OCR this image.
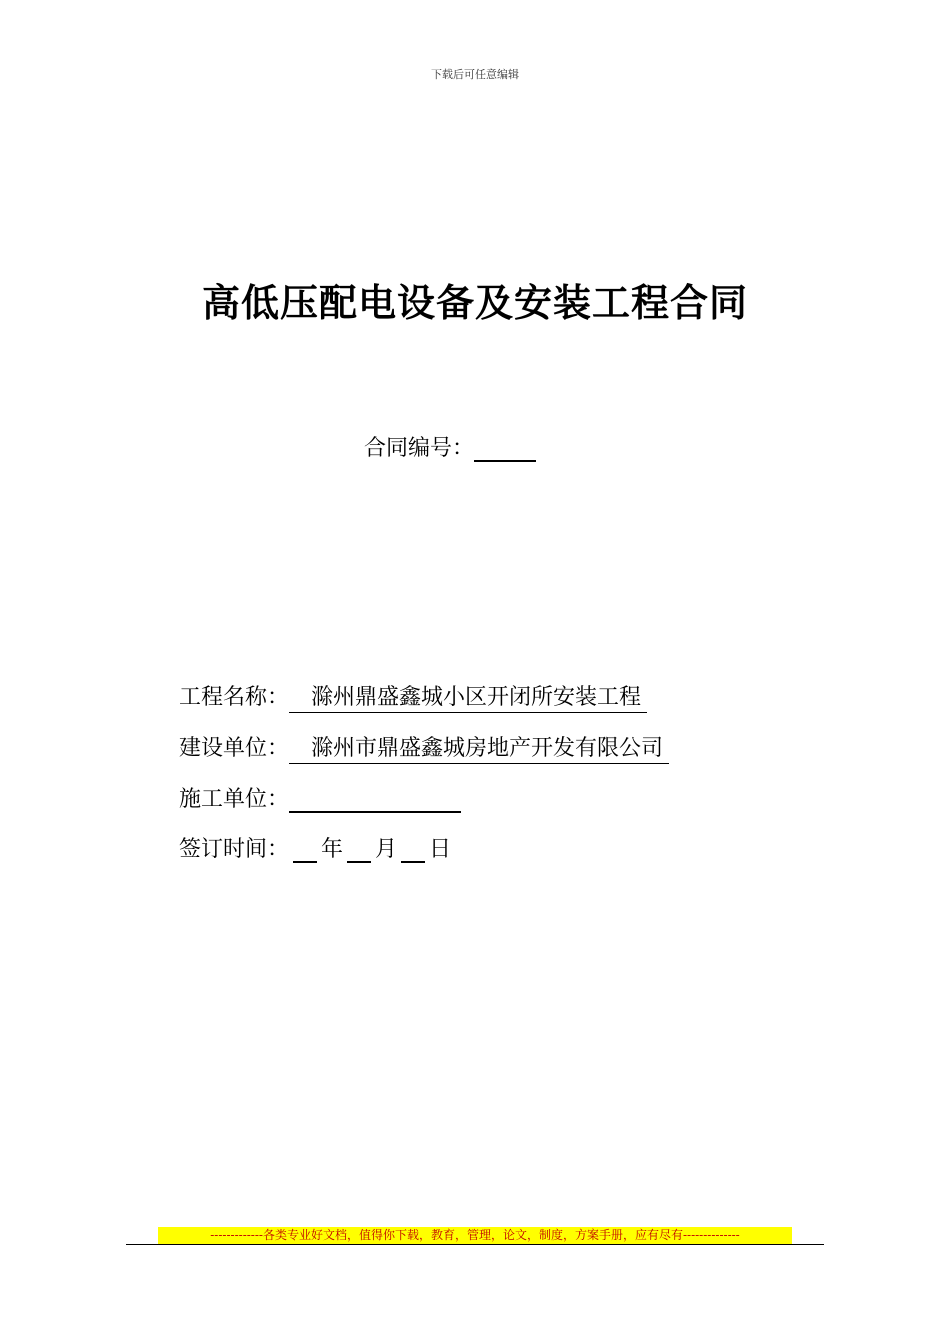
下载后可任意编辑
高低压配电设备及安装工程合同
合同编号：
工程名称： 滁州鼎盛鑫城小区开闭所安装工程
建设单位： 滁州市鼎盛鑫城房地产开发有限公司
施工单位：
签订时间： 年 月 日
-------------各类专业好文档，值得你下载，教育，管理，论文，制度，方案手册，应有尽有--------------
